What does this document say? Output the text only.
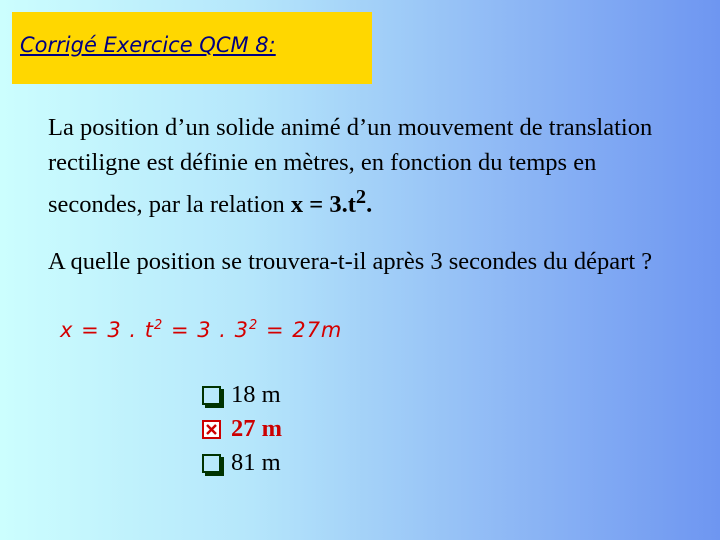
Corrigé Exercice QCM 8:
La position d’un solide animé d’un mouvement de translation rectiligne est définie en mètres, en fonction du temps en secondes, par la relation $x = 3.t^2$.
A quelle position se trouvera-t-il après 3 secondes du départ ?
x = 3 . $t^2 = 3$ . $3^2 = 27m$
18 m
27 m
81 m
